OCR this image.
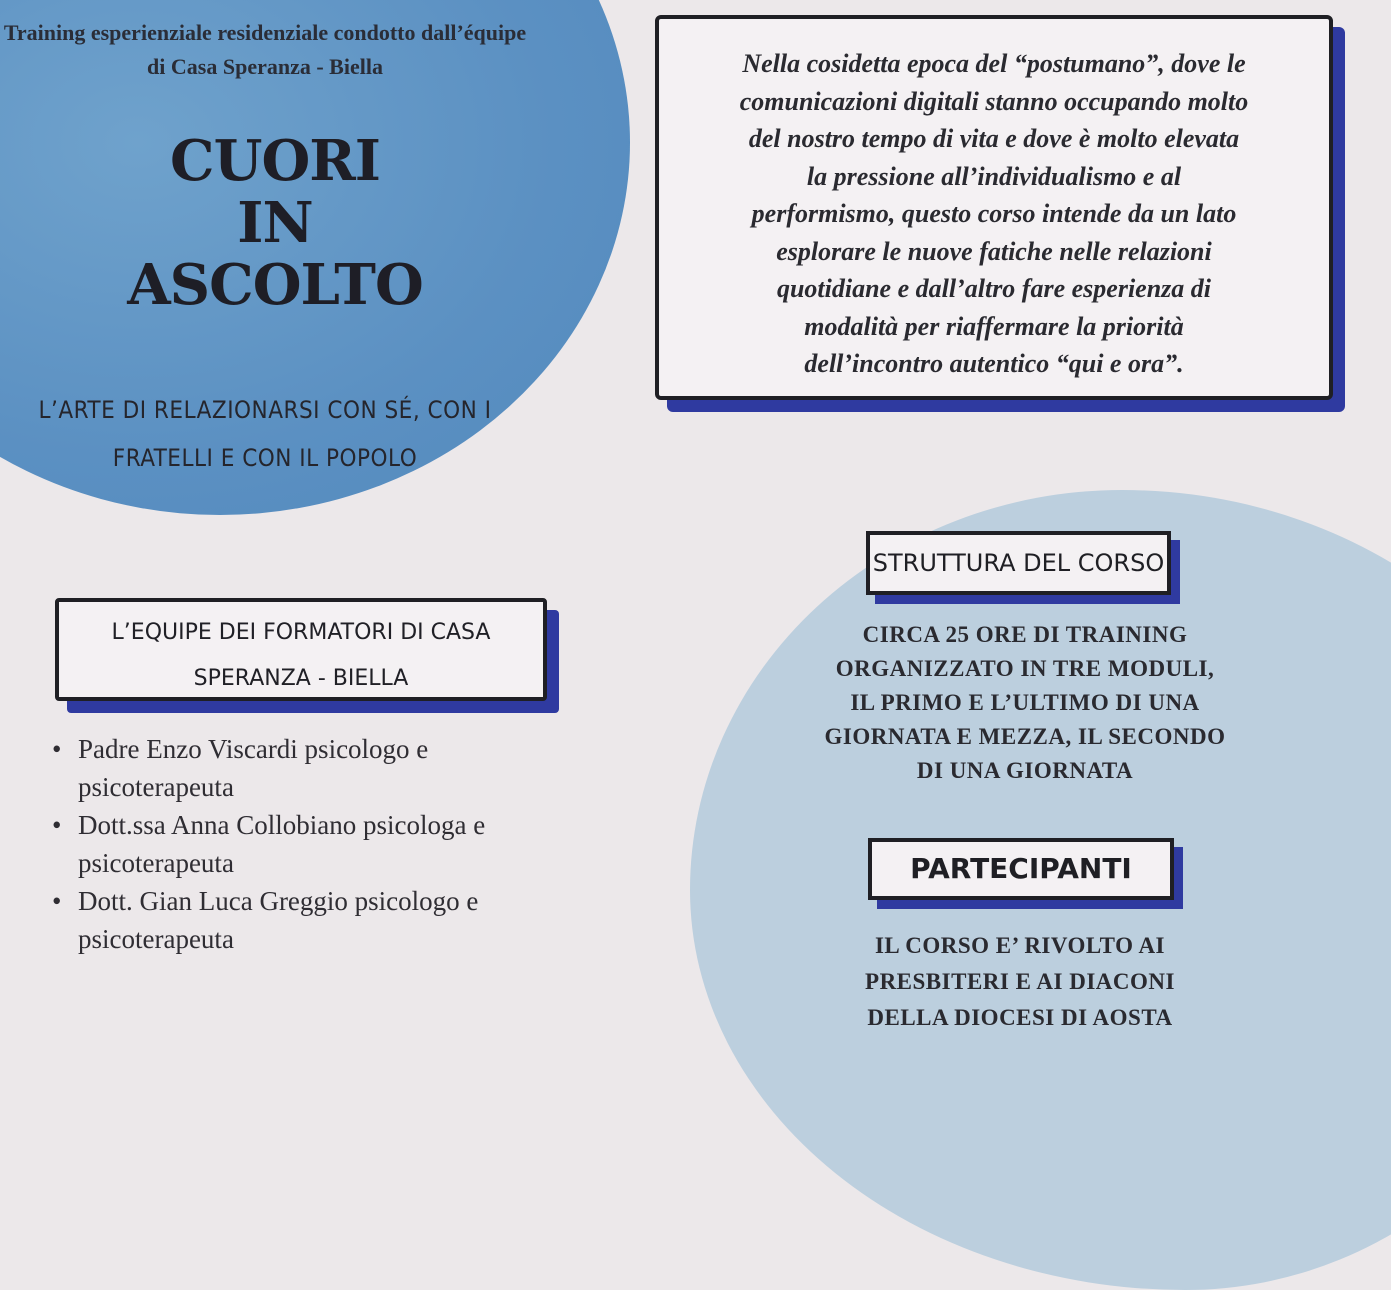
Training esperienziale residenziale condotto dall’équipe di Casa Speranza - Biella
CUORI
IN
ASCOLTO
L’ARTE DI RELAZIONARSI CON SÉ, CON I
FRATELLI E CON IL POPOLO
Nella cosidetta epoca del “postumano”, dove le
comunicazioni digitali stanno occupando molto
del nostro tempo di vita e dove è molto elevata
la pressione all’individualismo e al
performismo, questo corso intende da un lato
esplorare le nuove fatiche nelle relazioni
quotidiane e dall’altro fare esperienza di
modalità per riaffermare la priorità
dell’incontro autentico “qui e ora”.
L’EQUIPE DEI FORMATORI DI CASA
SPERANZA - BIELLA
• Padre Enzo Viscardi psicologo e
psicoterapeuta
• Dott.ssa Anna Collobiano psicologa e
psicoterapeuta
• Dott. Gian Luca Greggio psicologo e
psicoterapeuta
STRUTTURA DEL CORSO
CIRCA 25 ORE DI TRAINING
ORGANIZZATO IN TRE MODULI,
IL PRIMO E L’ULTIMO DI UNA
GIORNATA E MEZZA, IL SECONDO
DI UNA GIORNATA
PARTECIPANTI
IL CORSO E’ RIVOLTO AI
PRESBITERI E AI DIACONI
DELLA DIOCESI DI AOSTA
